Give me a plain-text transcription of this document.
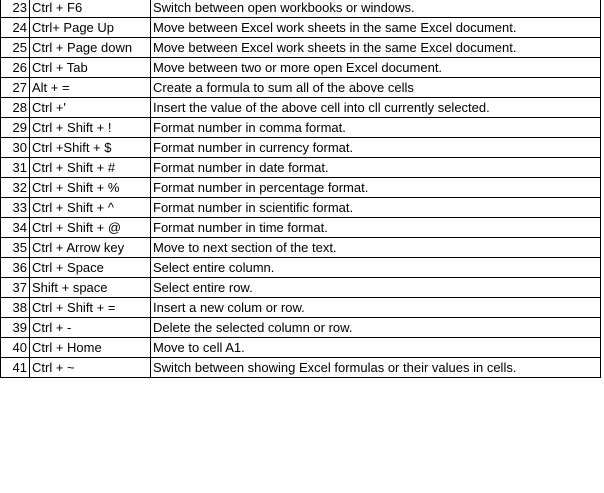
23	Ctrl + F6	Switch between open workbooks or windows.
24	Ctrl+ Page Up	Move between Excel work sheets in the same Excel document.
25	Ctrl + Page down	Move between Excel work sheets in the same Excel document.
26	Ctrl + Tab	Move between two or more open Excel document.
27	Alt + =	Create a formula to sum all of the above cells
28	Ctrl +'	Insert the value of the above cell into cll currently selected.
29	Ctrl + Shift + !	Format number in comma format.
30	Ctrl +Shift + $	Format number in currency format.
31	Ctrl + Shift + #	Format number in date format.
32	Ctrl + Shift + %	Format number in percentage format.
33	Ctrl + Shift + ^	Format number in scientific format.
34	Ctrl + Shift + @	Format number in time format.
35	Ctrl + Arrow key	Move to next section of the text.
36	Ctrl + Space	Select entire column.
37	Shift + space	Select entire row.
38	Ctrl + Shift + =	Insert a new colum or row.
39	Ctrl + -	Delete the selected column or row.
40	Ctrl + Home	Move to cell A1.
41	Ctrl + ~	Switch between showing Excel formulas or their values in cells.
